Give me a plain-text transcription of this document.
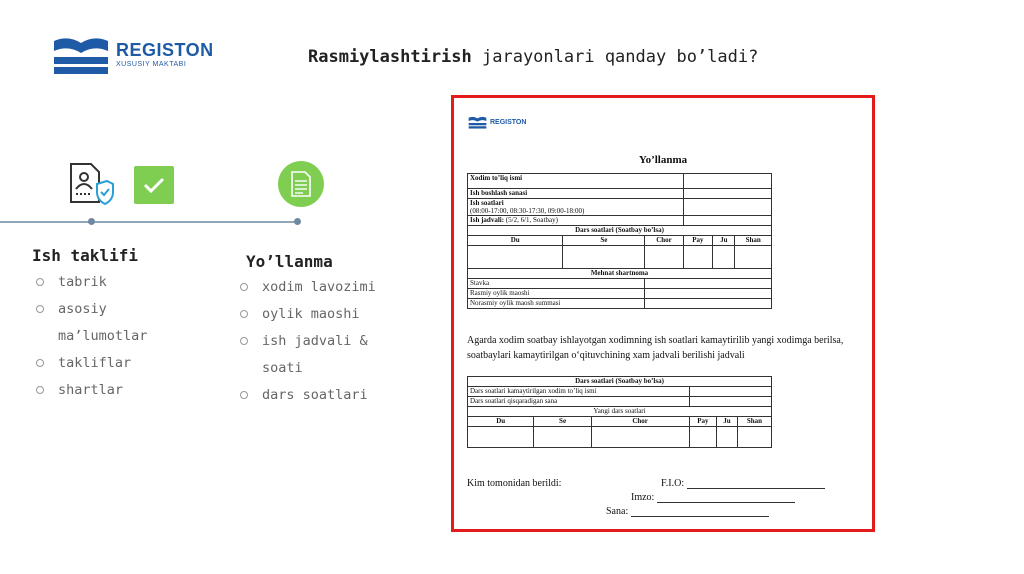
REGISTON
XUSUSIY MAKTABI	Rasmiylashtirish jarayonlari qanday bo’ladi?
Ish taklifi
tabrik
asosiy ma’lumotlar
takliflar
shartlar
Yo’llanma
xodim lavozimi
oylik maoshi
ish jadvali & soati
dars soatlari
REGISTON
Yo’llanma
Xodim to’liq ismi					
Ish boshlash sanasi					
Ish soatlari
(08:00-17:00, 08:30-17:30, 09:00-18:00)					
Ish jadvali: (5/2, 6/1, Soatbay)					
Dars soatlari (Soatbay bo’lsa)					
Du	Se	Chor	Pay	Ju	Shan

Mehnat shartnoma					
Stavka					
Rasmiy oylik maoshi					
Norasmiy oylik maosh summasi					
Agarda xodim soatbay ishlayotgan xodimning ish soatlari kamaytirilib yangi xodimga berilsa, soatbaylari kamaytirilgan o‘qituvchining xam jadvali berilishi jadvali
Dars soatlari (Soatbay bo’lsa)					
Dars soatlari kamaytirilgan xodim to’liq ismi					
Dars soatlari qisqaradigan sana					
Yangi dars soatlari					
Du	Se	Chor	Pay	Ju	Shan

Kim tomonidan berildi:	F.I.O:
Imzo:
Sana:
